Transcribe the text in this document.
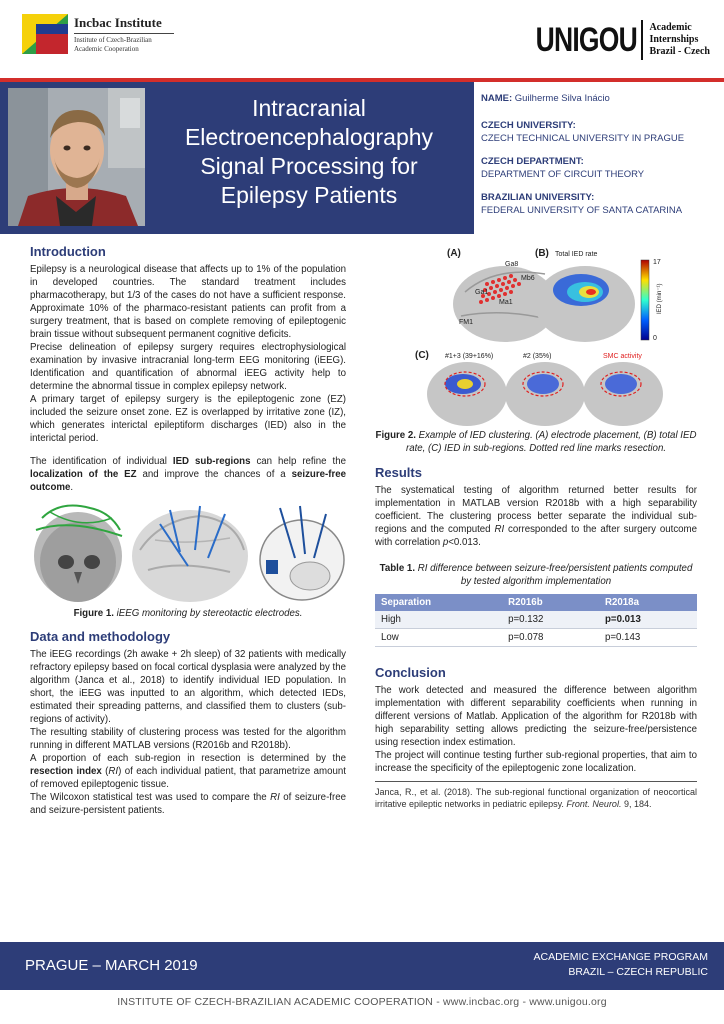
Incbac Institute
Institute of Czech-Brazilian
Academic Cooperation	UNIGOU Academic
Internships
Brazil - Czech
Intracranial
Electroencephalography
Signal Processing for
Epilepsy Patients
NAME: Guilherme Silva Inácio
CZECH UNIVERSITY:
CZECH TECHNICAL UNIVERSITY IN PRAGUE
CZECH DEPARTMENT:
DEPARTMENT OF CIRCUIT THEORY
BRAZILIAN UNIVERSITY:
FEDERAL UNIVERSITY OF SANTA CATARINA
Introduction

Epilepsy is a neurological disease that affects up to 1% of the population in developed countries. The standard treatment includes pharmacotherapy, but 1/3 of the cases do not have a sufficient response. Approximate 10% of the pharmaco-resistant patients can profit from a surgery treatment, that is based on complete removing of epileptogenic brain tissue without subsequent permanent cognitive deficits.

Precise delineation of epilepsy surgery requires electrophysiological examination by invasive intracranial long-term EEG monitoring (iEEG). Identification and quantification of abnormal iEEG activity help to determine the abnormal tissue in complex epilepsy network.

A primary target of epilepsy surgery is the epileptogenic zone (EZ) included the seizure onset zone. EZ is overlapped by irritative zone (IZ), which generates interictal epileptiform discharges (IED) also in the interictal period.

The identification of individual IED sub-regions can help refine the localization of the EZ and improve the chances of a seizure-free outcome.

Figure 1. iEEG monitoring by stereotactic electrodes.

Data and methodology

The iEEG recordings (2h awake + 2h sleep) of 32 patients with medically refractory epilepsy based on focal cortical dysplasia were analyzed by the algorithm (Janca et al., 2018) to identify individual IED population. In short, the iEEG was inputted to an algorithm, which detected IEDs, estimated their spreading patterns, and classified them to clusters (sub-regions of activity).

The resulting stability of clustering process was tested for the algorithm running in different MATLAB versions (R2016b and R2018b).

A proportion of each sub-region in resection is determined by the resection index (RI) of each individual patient, that parametrize amount of removed epileptogenic tissue.

The Wilcoxon statistical test was used to compare the RI of seizure-free and seizure-persistent patients.

(A)	(B) Total IED rate
Ga8
Mb6
Ga1
Ma1
FM1
17
0
IED (min⁻¹)
(C) #1+3 (39+16%)	#2 (35%)	SMC activity

Figure 2. Example of IED clustering. (A) electrode placement, (B) total IED rate, (C) IED in sub-regions. Dotted red line marks resection.

Results

The systematical testing of algorithm returned better results for implementation in MATLAB version R2018b with a high separability coefficient. The clustering process better separate the individual sub-regions and the computed RI corresponded to the after surgery outcome with correlation p<0.013.

Table 1. RI difference between seizure-free/persistent patients computed by tested algorithm implementation

Separation	R2016b	R2018a
High	p=0.132	p=0.013
Low	p=0.078	p=0.143
Conclusion

The work detected and measured the difference between algorithm implementation with different separability coefficients when running in different versions of Matlab. Application of the algorithm for R2018b with high separability setting allows predicting the seizure-free/persistence using resection index estimation.

The project will continue testing further sub-regional properties, that aim to increase the specificity of the epileptogenic zone localization.

Janca, R., et al. (2018). The sub-regional functional organization of neocortical irritative epileptic networks in pediatric epilepsy. Front. Neurol. 9, 184.

PRAGUE – MARCH 2019	ACADEMIC EXCHANGE PROGRAM
BRAZIL – CZECH REPUBLIC
INSTITUTE OF CZECH-BRAZILIAN ACADEMIC COOPERATION - www.incbac.org - www.unigou.org
